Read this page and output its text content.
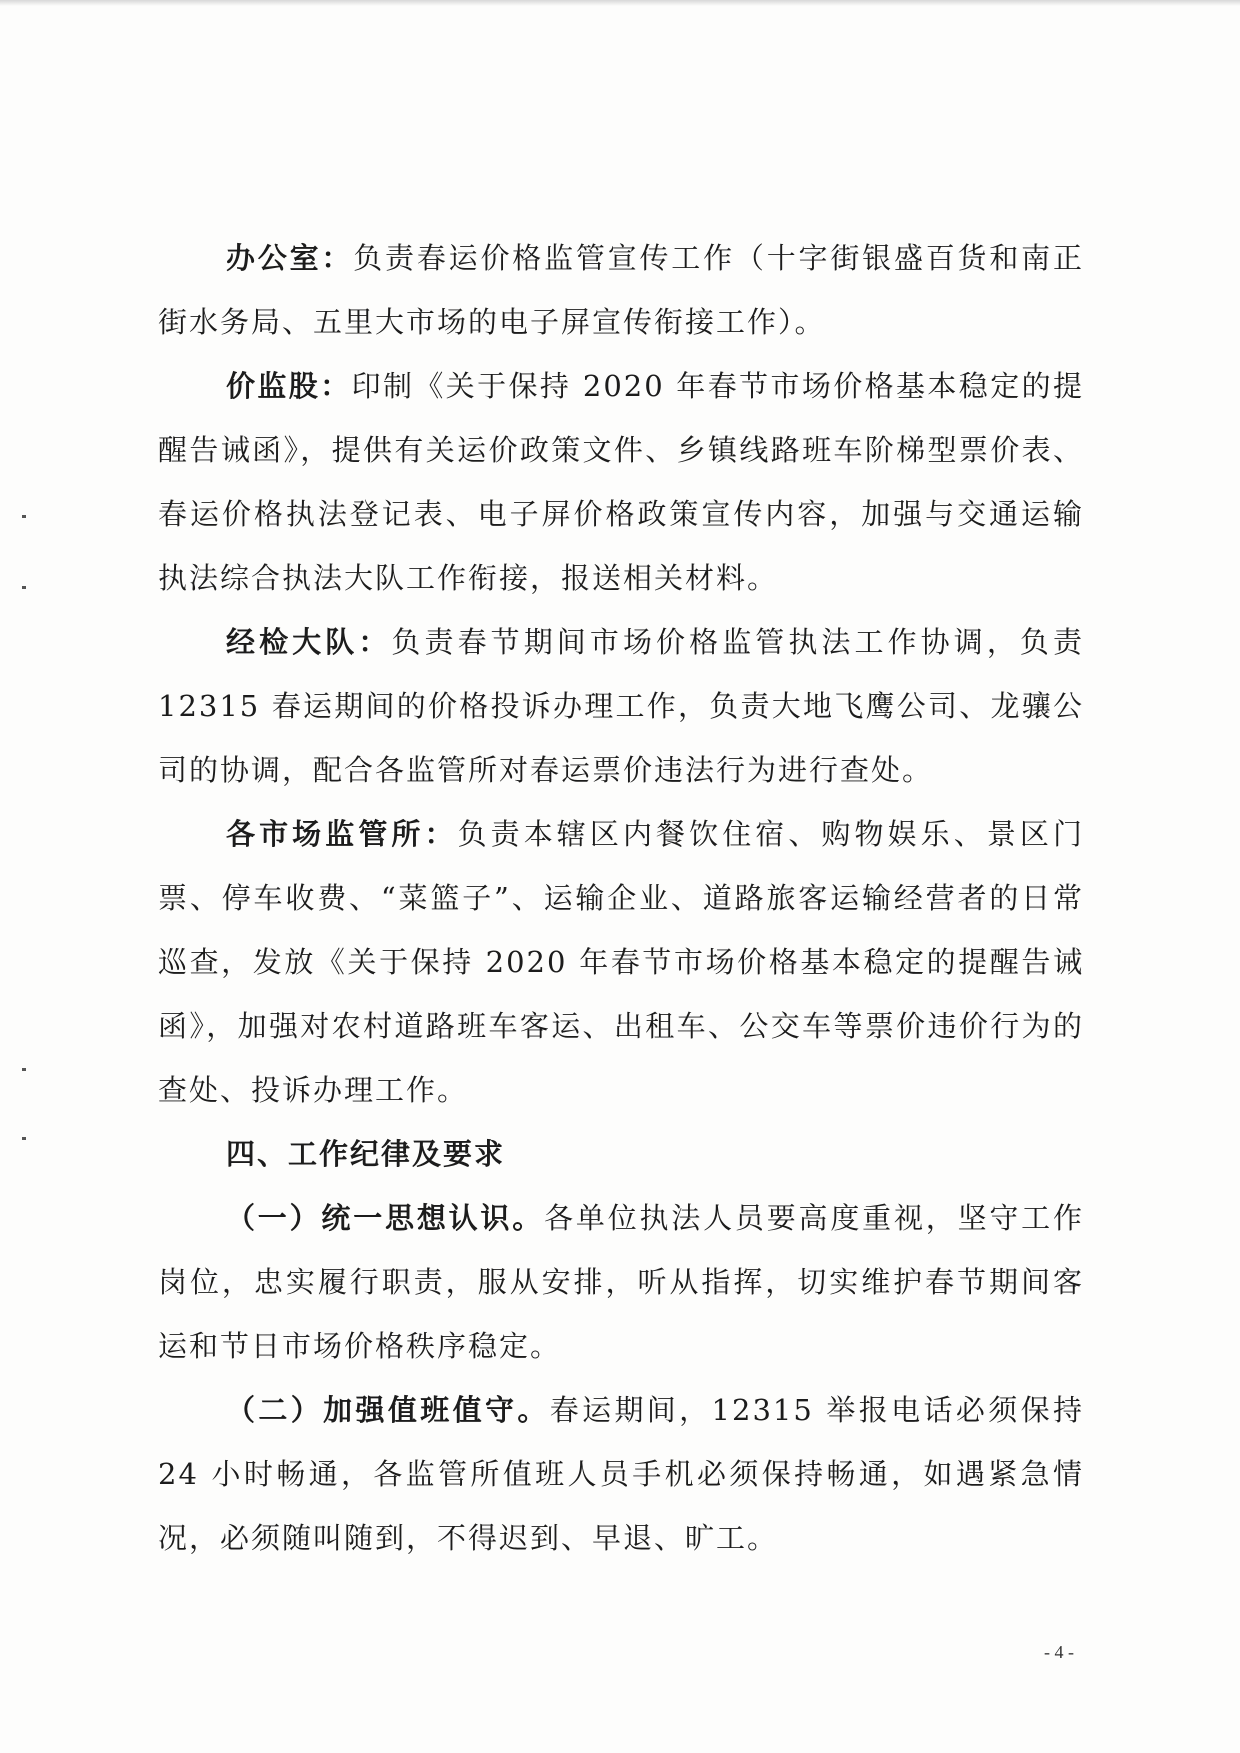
办公室：负责春运价格监管宣传工作（十字街银盛百货和南正街水务局、五里大市场的电子屏宣传衔接工作）。

价监股：印制《关于保持 2020 年春节市场价格基本稳定的提醒告诫函》，提供有关运价政策文件、乡镇线路班车阶梯型票价表、春运价格执法登记表、电子屏价格政策宣传内容，加强与交通运输执法综合执法大队工作衔接，报送相关材料。

经检大队：负责春节期间市场价格监管执法工作协调，负责 12315 春运期间的价格投诉办理工作，负责大地飞鹰公司、龙骧公司的协调，配合各监管所对春运票价违法行为进行查处。

各市场监管所：负责本辖区内餐饮住宿、购物娱乐、景区门票、停车收费、“菜篮子”、运输企业、道路旅客运输经营者的日常巡查，发放《关于保持 2020 年春节市场价格基本稳定的提醒告诫函》，加强对农村道路班车客运、出租车、公交车等票价违价行为的查处、投诉办理工作。

四、工作纪律及要求

（一）统一思想认识。各单位执法人员要高度重视，坚守工作岗位，忠实履行职责，服从安排，听从指挥，切实维护春节期间客运和节日市场价格秩序稳定。

（二）加强值班值守。春运期间，12315 举报电话必须保持 24 小时畅通，各监管所值班人员手机必须保持畅通，如遇紧急情况，必须随叫随到，不得迟到、早退、旷工。

- 4 -
